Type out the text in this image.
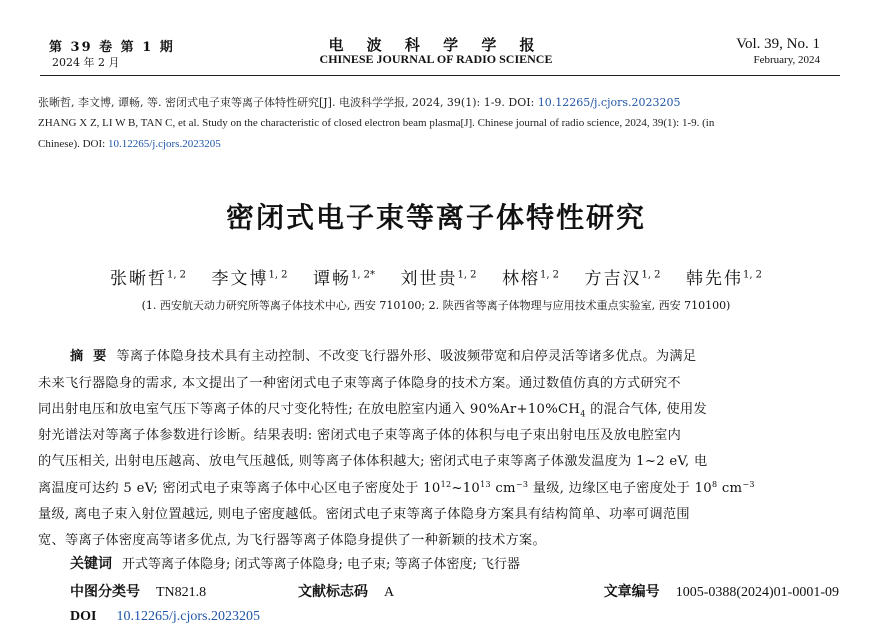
第 39 卷 第 1 期
2024 年 2 月
电 波 科 学 学 报
CHINESE JOURNAL OF RADIO SCIENCE
Vol. 39, No. 1
February, 2024
张晰哲, 李文博, 谭畅, 等. 密闭式电子束等离子体特性研究[J]. 电波科学学报, 2024, 39(1): 1-9. DOI: 10.12265/j.cjors.2023205
ZHANG X Z, LI W B, TAN C, et al. Study on the characteristic of closed electron beam plasma[J]. Chinese journal of radio science, 2024, 39(1): 1-9. (in
Chinese). DOI: 10.12265/j.cjors.2023205
密闭式电子束等离子体特性研究
张晰哲$^{1, 2}$ 李文博$^{1, 2}$ 谭畅$^{1, 2*}$ 刘世贵$^{1, 2}$ 林榕$^{1, 2}$ 方吉汉$^{1, 2}$ 韩先伟$^{1, 2}$
(1. 西安航天动力研究所等离子体技术中心, 西安 710100; 2. 陕西省等离子体物理与应用技术重点实验室, 西安 710100)
摘要等离子体隐身技术具有主动控制、不改变飞行器外形、吸波频带宽和启停灵活等诸多优点。为满足
未来飞行器隐身的需求, 本文提出了一种密闭式电子束等离子体隐身的技术方案。通过数值仿真的方式研究不
同出射电压和放电室气压下等离子体的尺寸变化特性; 在放电腔室内通入 $90\%Ar+10\%CH_4$ 的混合气体, 使用发
射光谱法对等离子体参数进行诊断。结果表明: 密闭式电子束等离子体的体积与电子束出射电压及放电腔室内
的气压相关, 出射电压越高、放电气压越低, 则等离子体体积越大; 密闭式电子束等离子体激发温度为 1~2 eV, 电
离温度可达约 5 eV; 密闭式电子束等离子体中心区电子密度处于 $10^{12}\sim 10^{13}$ $cm^{-3}$ 量级, 边缘区电子密度处于 $10^8$ $cm^{-3}$
量级, 离电子束入射位置越远, 则电子密度越低。密闭式电子束等离子体隐身方案具有结构简单、功率可调范围
宽、等离子体密度高等诸多优点, 为飞行器等离子体隐身提供了一种新颖的技术方案。
关键词 开式等离子体隐身; 闭式等离子体隐身; 电子束; 等离子体密度; 飞行器
中图分类号 TN821.8	文献标志码 A	文章编号 1005-0388(2024)01-0001-09
DOI 10.12265/j.cjors.2023205
